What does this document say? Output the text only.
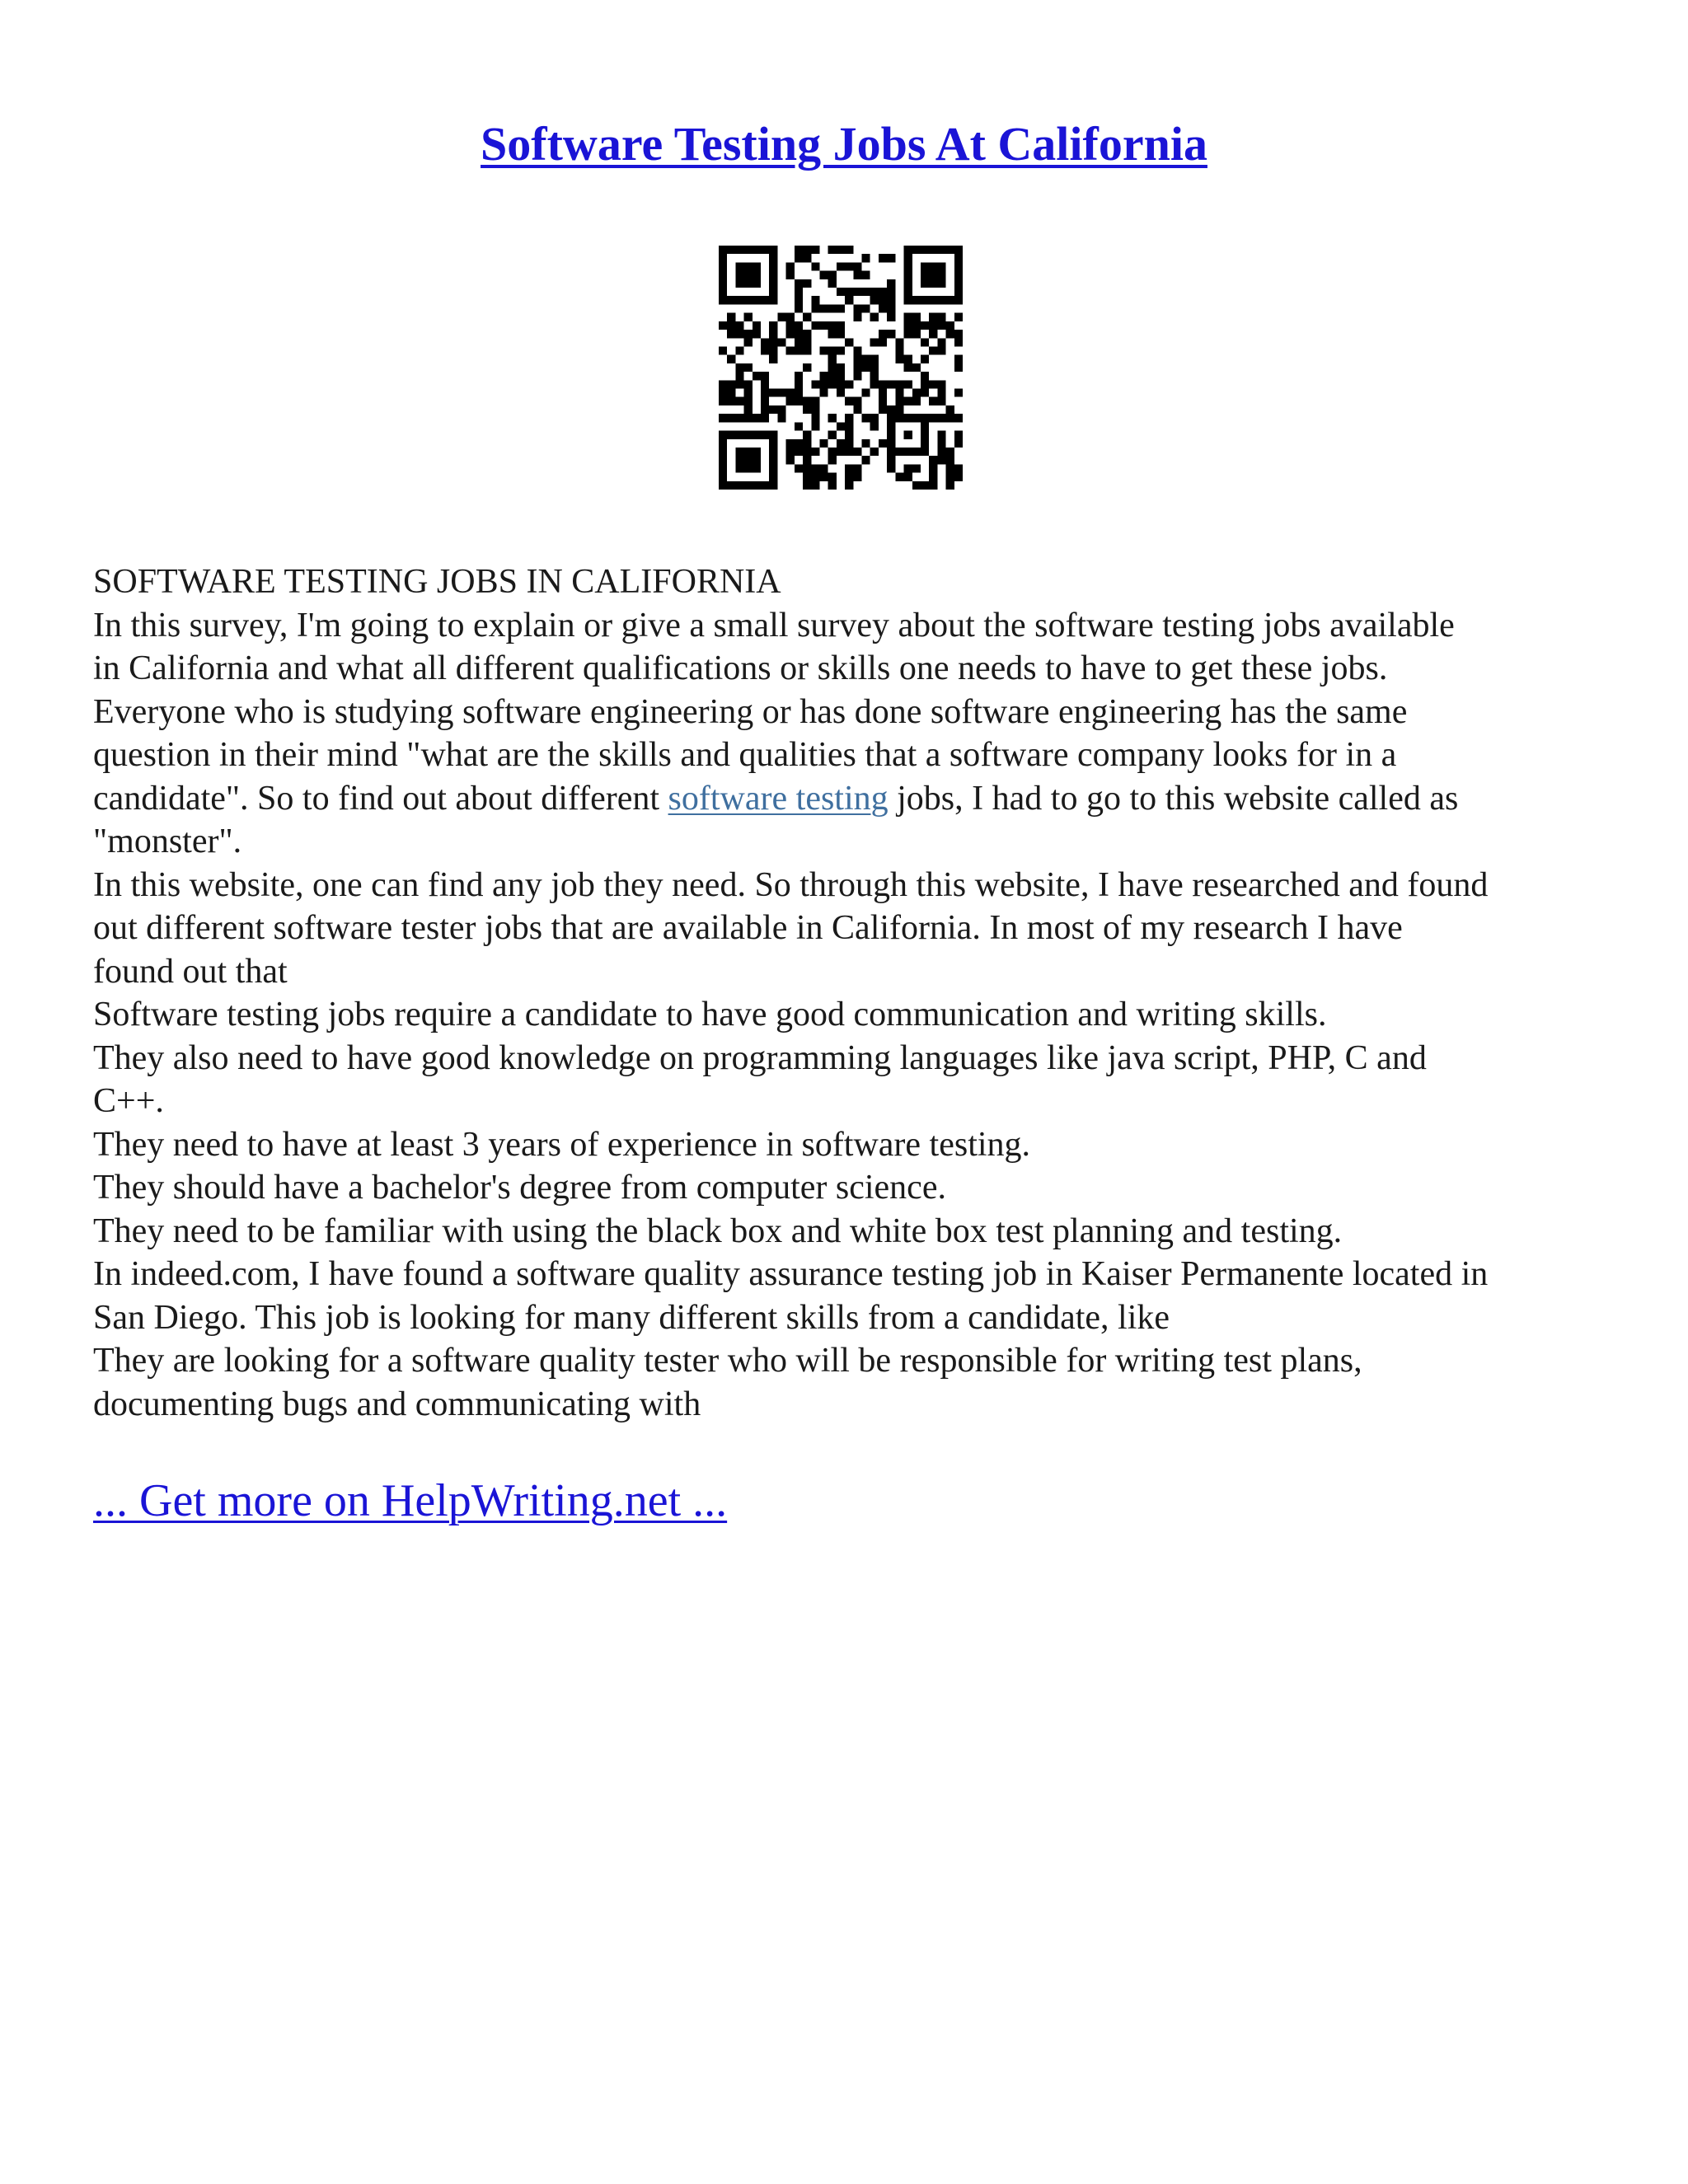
Software Testing Jobs At California
SOFTWARE TESTING JOBS IN CALIFORNIA
In this survey, I'm going to explain or give a small survey about the software testing jobs available
in California and what all different qualifications or skills one needs to have to get these jobs.
Everyone who is studying software engineering or has done software engineering has the same
question in their mind "what are the skills and qualities that a software company looks for in a
candidate". So to find out about different software testing jobs, I had to go to this website called as
"monster".
In this website, one can find any job they need. So through this website, I have researched and found
out different software tester jobs that are available in California. In most of my research I have
found out that
Software testing jobs require a candidate to have good communication and writing skills.
They also need to have good knowledge on programming languages like java script, PHP, C and
C++.
They need to have at least 3 years of experience in software testing.
They should have a bachelor's degree from computer science.
They need to be familiar with using the black box and white box test planning and testing.
In indeed.com, I have found a software quality assurance testing job in Kaiser Permanente located in
San Diego. This job is looking for many different skills from a candidate, like
They are looking for a software quality tester who will be responsible for writing test plans,
documenting bugs and communicating with
... Get more on HelpWriting.net ...
